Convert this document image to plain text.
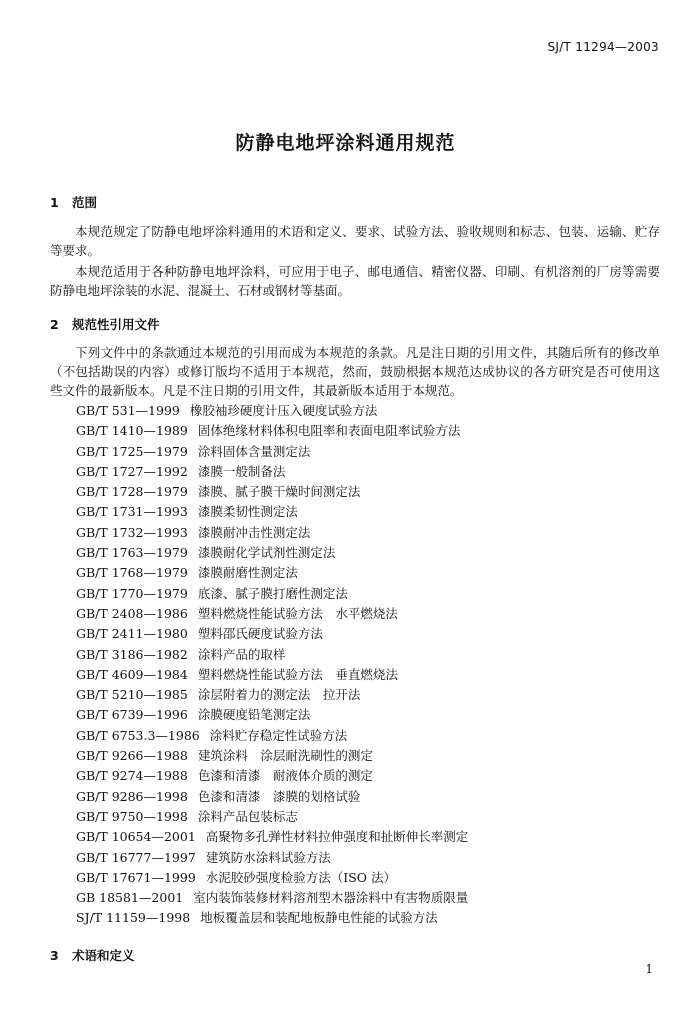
SJ/T 11294—2003
防静电地坪涂料通用规范
1 范围

本规范规定了防静电地坪涂料通用的术语和定义、要求、试验方法、验收规则和标志、包装、运输、贮存等要求。

本规范适用于各种防静电地坪涂料，可应用于电子、邮电通信、精密仪器、印刷、有机溶剂的厂房等需要防静电地坪涂装的水泥、混凝土、石材或钢材等基面。

2 规范性引用文件

下列文件中的条款通过本规范的引用而成为本规范的条款。凡是注日期的引用文件，其随后所有的修改单（不包括勘误的内容）或修订版均不适用于本规范，然而，鼓励根据本规范达成协议的各方研究是否可使用这些文件的最新版本。凡是不注日期的引用文件，其最新版本适用于本规范。

GB/T 531—1999 橡胶袖珍硬度计压入硬度试验方法
GB/T 1410—1989 固体绝缘材料体积电阻率和表面电阻率试验方法
GB/T 1725—1979 涂料固体含量测定法
GB/T 1727—1992 漆膜一般制备法
GB/T 1728—1979 漆膜、腻子膜干燥时间测定法
GB/T 1731—1993 漆膜柔韧性测定法
GB/T 1732—1993 漆膜耐冲击性测定法
GB/T 1763—1979 漆膜耐化学试剂性测定法
GB/T 1768—1979 漆膜耐磨性测定法
GB/T 1770—1979 底漆、腻子膜打磨性测定法
GB/T 2408—1986 塑料燃烧性能试验方法　水平燃烧法
GB/T 2411—1980 塑料邵氏硬度试验方法
GB/T 3186—1982 涂料产品的取样
GB/T 4609—1984 塑料燃烧性能试验方法　垂直燃烧法
GB/T 5210—1985 涂层附着力的测定法　拉开法
GB/T 6739—1996 涂膜硬度铅笔测定法
GB/T 6753.3—1986 涂料贮存稳定性试验方法
GB/T 9266—1988 建筑涂料　涂层耐洗刷性的测定
GB/T 9274—1988 色漆和清漆　耐液体介质的测定
GB/T 9286—1998 色漆和清漆　漆膜的划格试验
GB/T 9750—1998 涂料产品包装标志
GB/T 10654—2001 高聚物多孔弹性材料拉伸强度和扯断伸长率测定
GB/T 16777—1997 建筑防水涂料试验方法
GB/T 17671—1999 水泥胶砂强度检验方法（ISO 法）
GB 18581—2001 室内装饰装修材料溶剂型木器涂料中有害物质限量
SJ/T 11159—1998 地板覆盖层和装配地板静电性能的试验方法
3 术语和定义
1
